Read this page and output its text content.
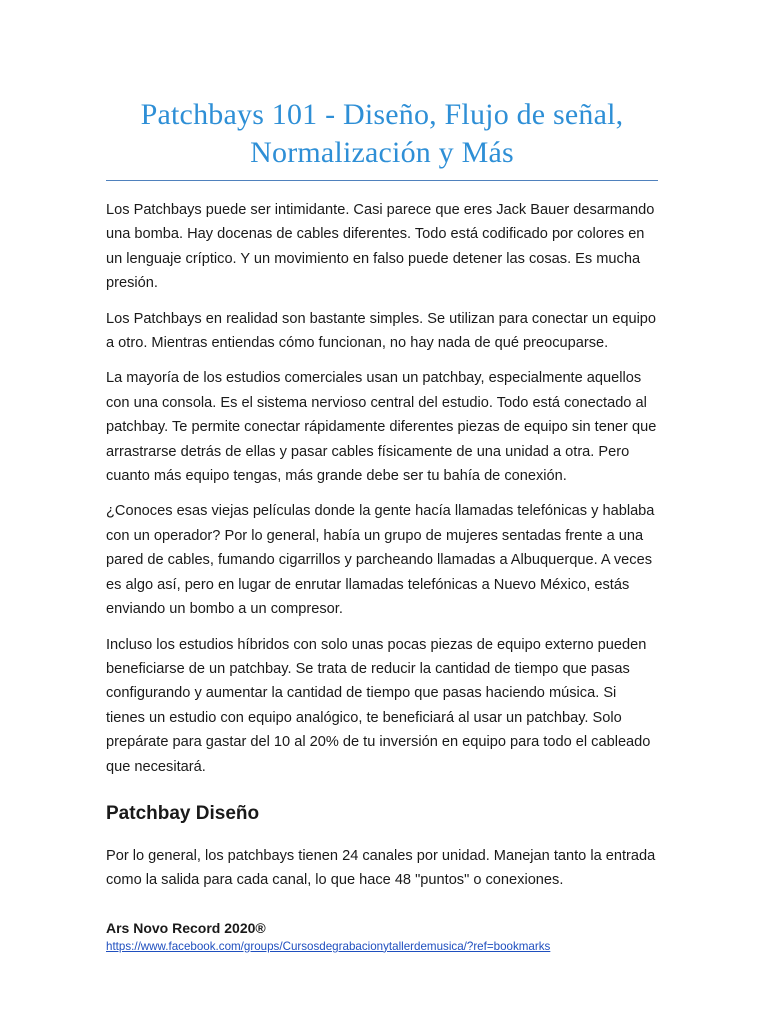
Patchbays 101 - Diseño, Flujo de señal,
Normalización y Más

Los Patchbays puede ser intimidante. Casi parece que eres Jack Bauer desarmando una bomba. Hay docenas de cables diferentes. Todo está codificado por colores en un lenguaje críptico. Y un movimiento en falso puede detener las cosas. Es mucha presión.

Los Patchbays en realidad son bastante simples. Se utilizan para conectar un equipo a otro. Mientras entiendas cómo funcionan, no hay nada de qué preocuparse.

La mayoría de los estudios comerciales usan un patchbay, especialmente aquellos con una consola. Es el sistema nervioso central del estudio. Todo está conectado al patchbay. Te permite conectar rápidamente diferentes piezas de equipo sin tener que arrastrarse detrás de ellas y pasar cables físicamente de una unidad a otra. Pero cuanto más equipo tengas, más grande debe ser tu bahía de conexión.

¿Conoces esas viejas películas donde la gente hacía llamadas telefónicas y hablaba con un operador? Por lo general, había un grupo de mujeres sentadas frente a una pared de cables, fumando cigarrillos y parcheando llamadas a Albuquerque. A veces es algo así, pero en lugar de enrutar llamadas telefónicas a Nuevo México, estás enviando un bombo a un compresor.

Incluso los estudios híbridos con solo unas pocas piezas de equipo externo pueden beneficiarse de un patchbay. Se trata de reducir la cantidad de tiempo que pasas configurando y aumentar la cantidad de tiempo que pasas haciendo música. Si tienes un estudio con equipo analógico, te beneficiará al usar un patchbay. Solo prepárate para gastar del 10 al 20% de tu inversión en equipo para todo el cableado que necesitará.

Patchbay Diseño

Por lo general, los patchbays tienen 24 canales por unidad. Manejan tanto la entrada como la salida para cada canal, lo que hace 48 "puntos" o conexiones.

Ars Novo Record 2020®
https://www.facebook.com/groups/Cursosdegrabacionytallerdemusica/?ref=bookmarks
